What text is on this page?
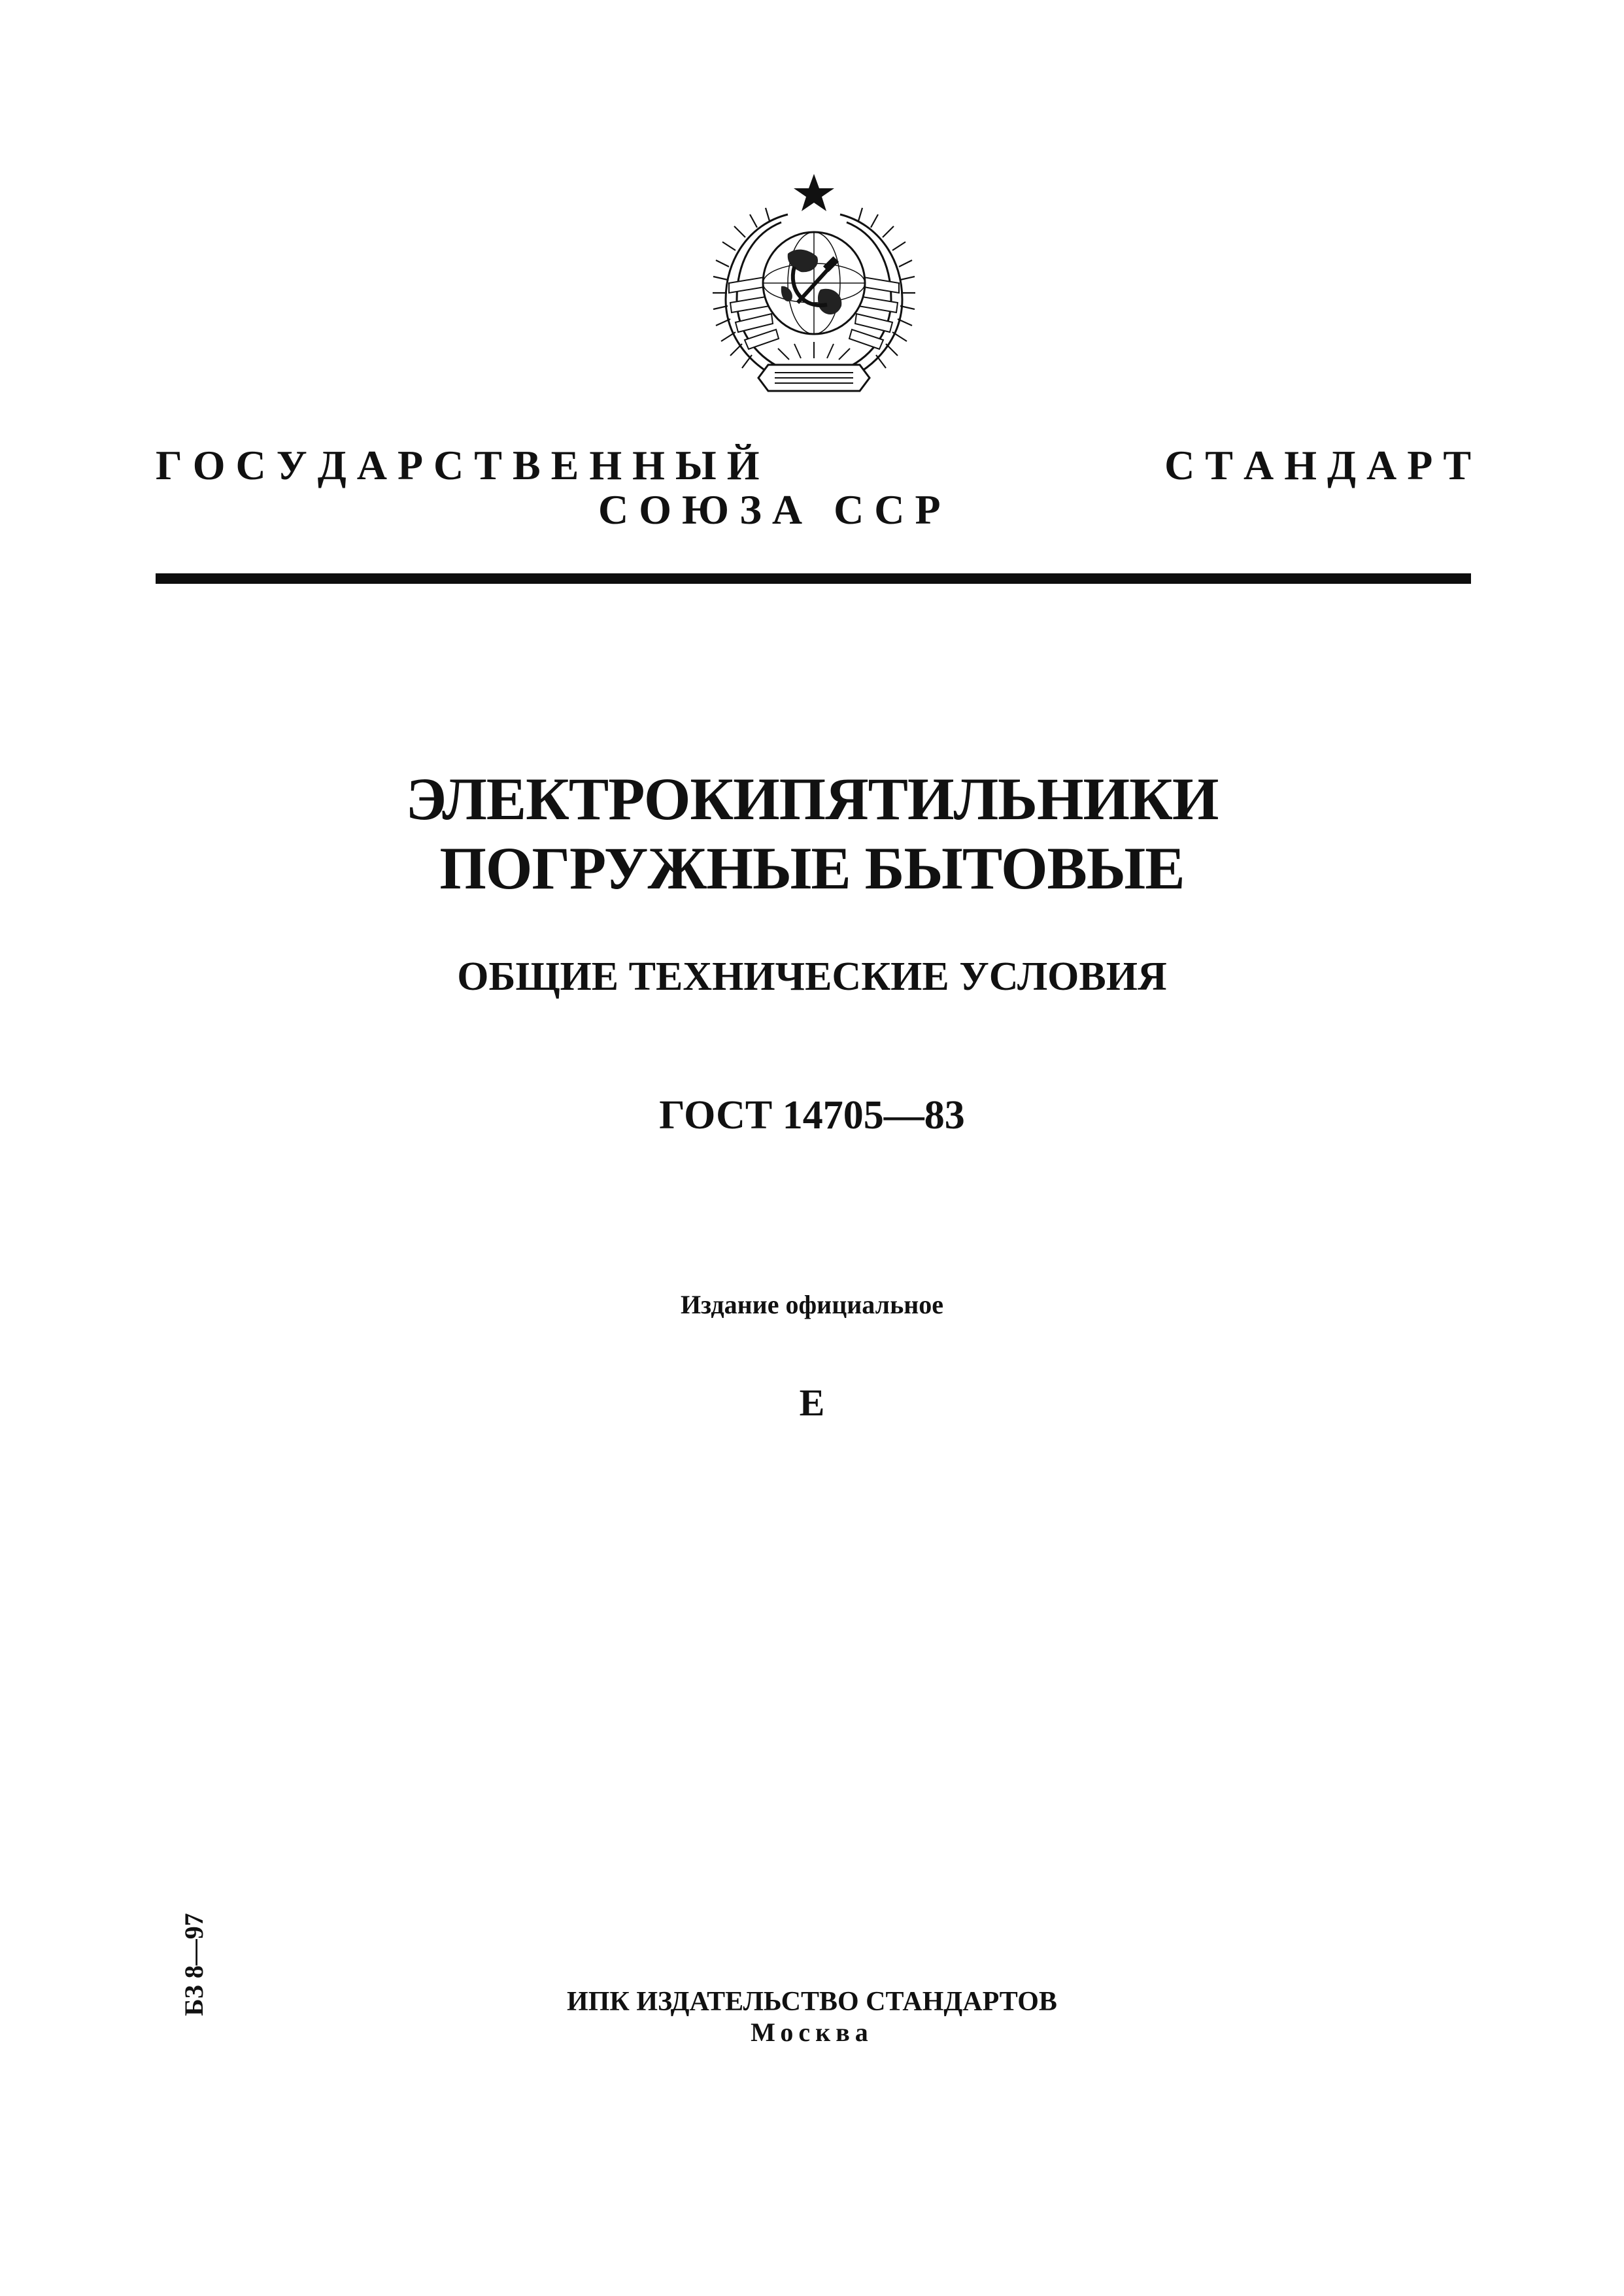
Г О С У Д А Р С Т В Е Н Н Ы Й	С Т А Н Д А Р Т
С О Ю З А   С С Р
ЭЛЕКТРОКИПЯТИЛЬНИКИ
ПОГРУЖНЫЕ БЫТОВЫЕ
ОБЩИЕ ТЕХНИЧЕСКИЕ УСЛОВИЯ
ГОСТ 14705—83
Издание официальное
Е
БЗ 8—97	ИПК ИЗДАТЕЛЬСТВО СТАНДАРТОВ
Москва
